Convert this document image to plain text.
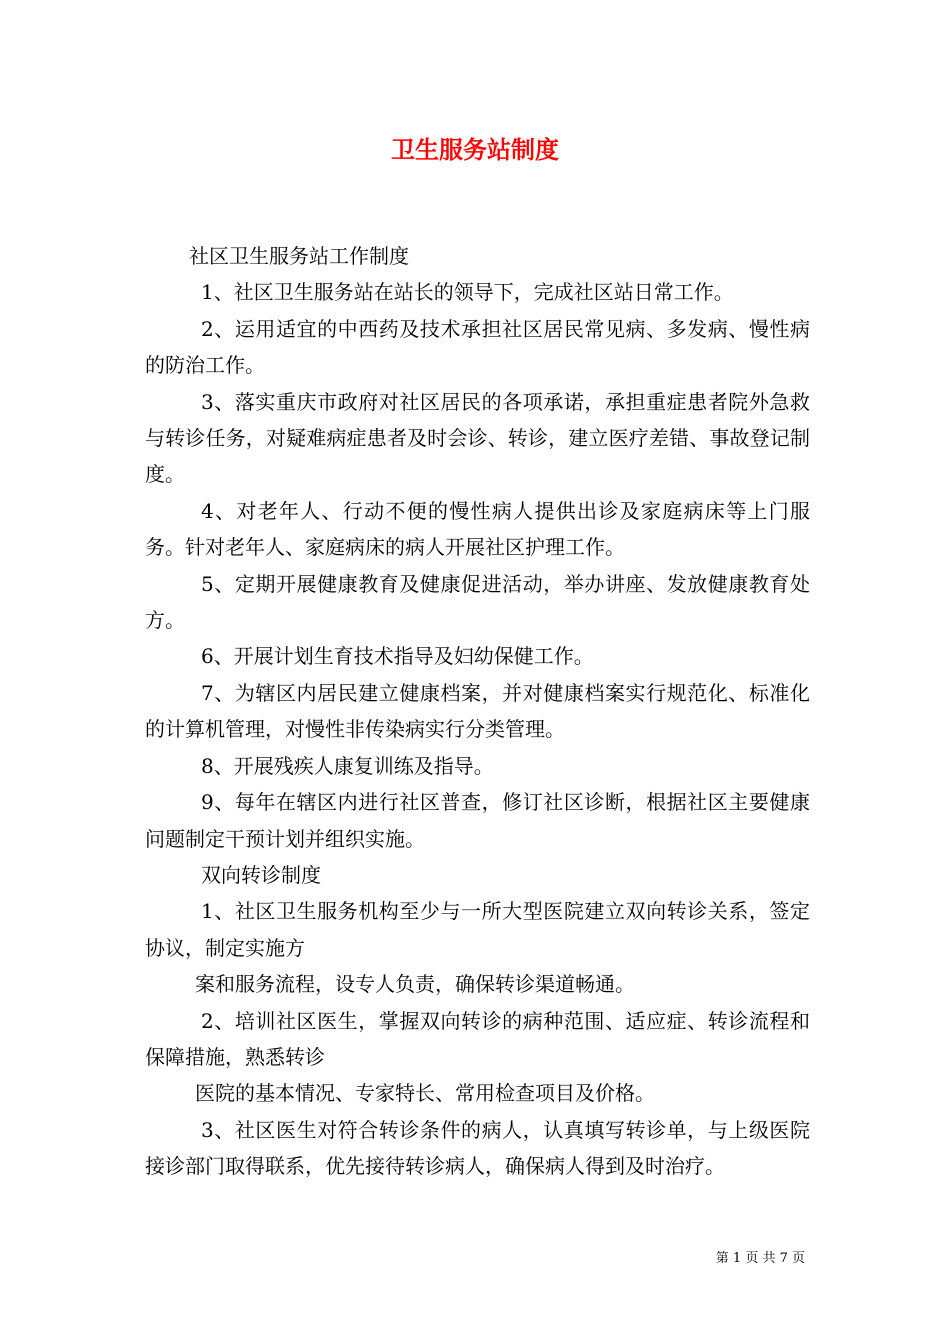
卫生服务站制度

社区卫生服务站工作制度

1、社区卫生服务站在站长的领导下，完成社区站日常工作。

2、运用适宜的中西药及技术承担社区居民常见病、多发病、慢性病的防治工作。

3、落实重庆市政府对社区居民的各项承诺，承担重症患者院外急救与转诊任务，对疑难病症患者及时会诊、转诊，建立医疗差错、事故登记制度。

4、对老年人、行动不便的慢性病人提供出诊及家庭病床等上门服务。针对老年人、家庭病床的病人开展社区护理工作。

5、定期开展健康教育及健康促进活动，举办讲座、发放健康教育处方。

6、开展计划生育技术指导及妇幼保健工作。

7、为辖区内居民建立健康档案，并对健康档案实行规范化、标准化的计算机管理，对慢性非传染病实行分类管理。

8、开展残疾人康复训练及指导。

9、每年在辖区内进行社区普查，修订社区诊断，根据社区主要健康问题制定干预计划并组织实施。

双向转诊制度

1、社区卫生服务机构至少与一所大型医院建立双向转诊关系，签定协议，制定实施方

案和服务流程，设专人负责，确保转诊渠道畅通。

2、培训社区医生，掌握双向转诊的病种范围、适应症、转诊流程和保障措施，熟悉转诊

医院的基本情况、专家特长、常用检查项目及价格。

3、社区医生对符合转诊条件的病人，认真填写转诊单，与上级医院接诊部门取得联系，优先接待转诊病人，确保病人得到及时治疗。

第 1 页 共 7 页
